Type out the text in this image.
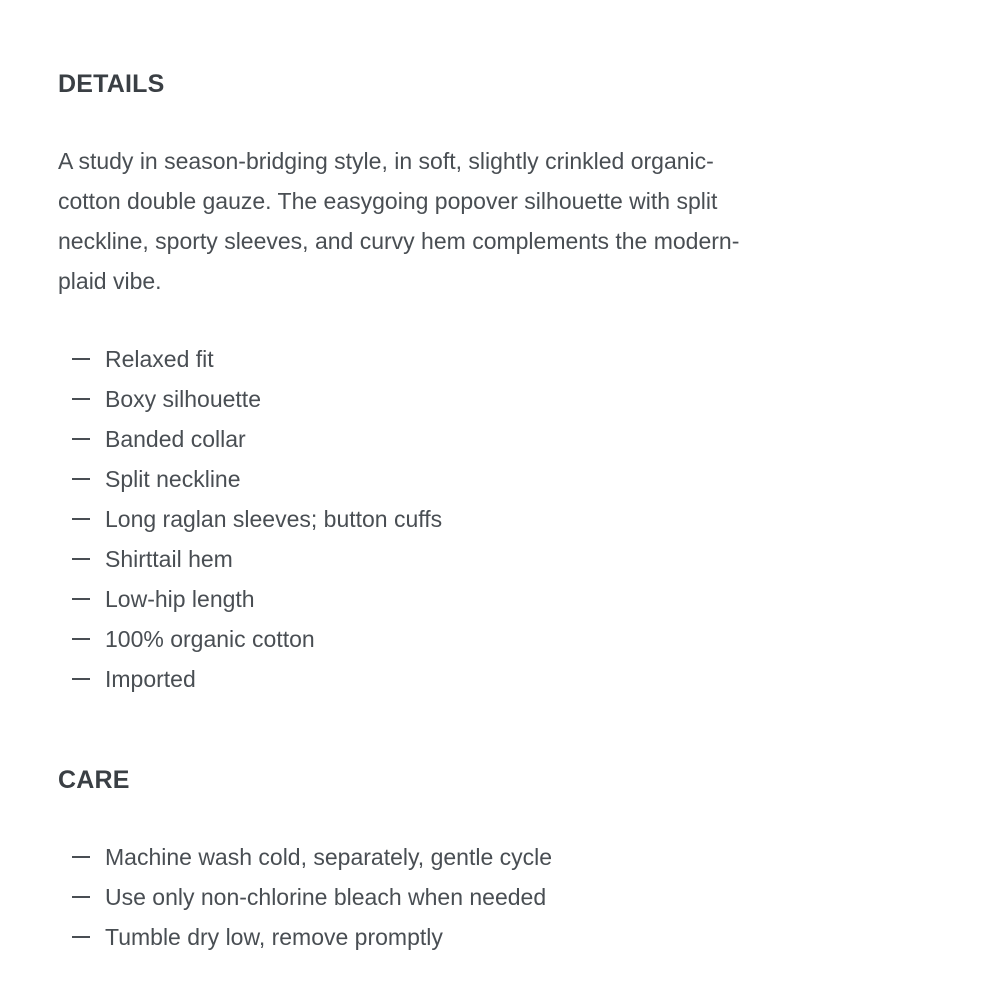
DETAILS

A study in season-bridging style, in soft, slightly crinkled organic-cotton double gauze. The easygoing popover silhouette with split neckline, sporty sleeves, and curvy hem complements the modern-plaid vibe.

Relaxed fit
Boxy silhouette
Banded collar
Split neckline
Long raglan sleeves; button cuffs
Shirttail hem
Low-hip length
100% organic cotton
Imported
CARE
Machine wash cold, separately, gentle cycle
Use only non-chlorine bleach when needed
Tumble dry low, remove promptly
